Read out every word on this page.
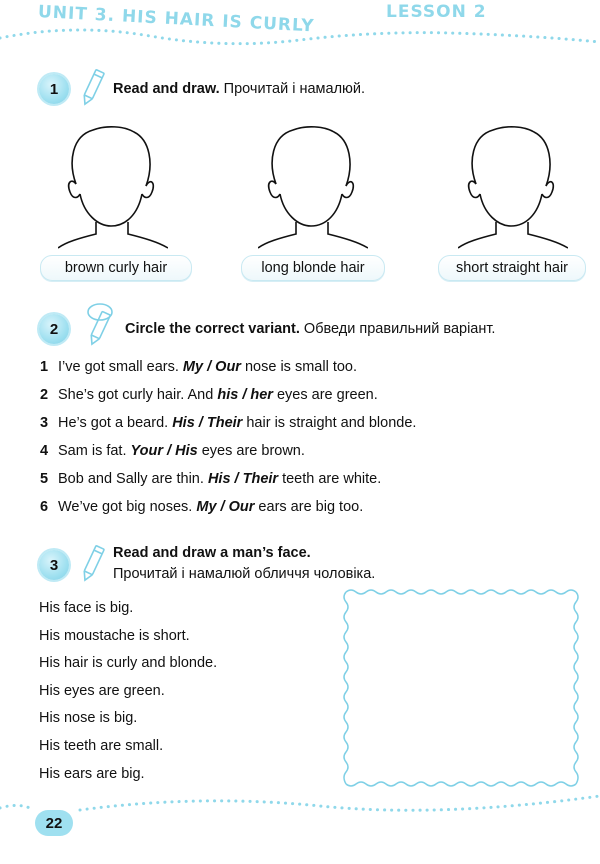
UNIT 3. HIS HAIR IS CURLY	LESSON 2
1	Read and draw. Прочитай і намалюй.
brown curly hair	long blonde hair	short straight hair
2	Circle the correct variant. Обведи правильний варіант.
1 I’ve got small ears. My / Our nose is small too.
2 She’s got curly hair. And his / her eyes are green.
3 He’s got a beard. His / Their hair is straight and blonde.
4 Sam is fat. Your / His eyes are brown.
5 Bob and Sally are thin. His / Their teeth are white.
6 We’ve got big noses. My / Our ears are big too.
3
Read and draw a man’s face.
Прочитай і намалюй обличчя чоловіка.
His face is big.
His moustache is short.
His hair is curly and blonde.
His eyes are green.
His nose is big.
His teeth are small.
His ears are big.
22
